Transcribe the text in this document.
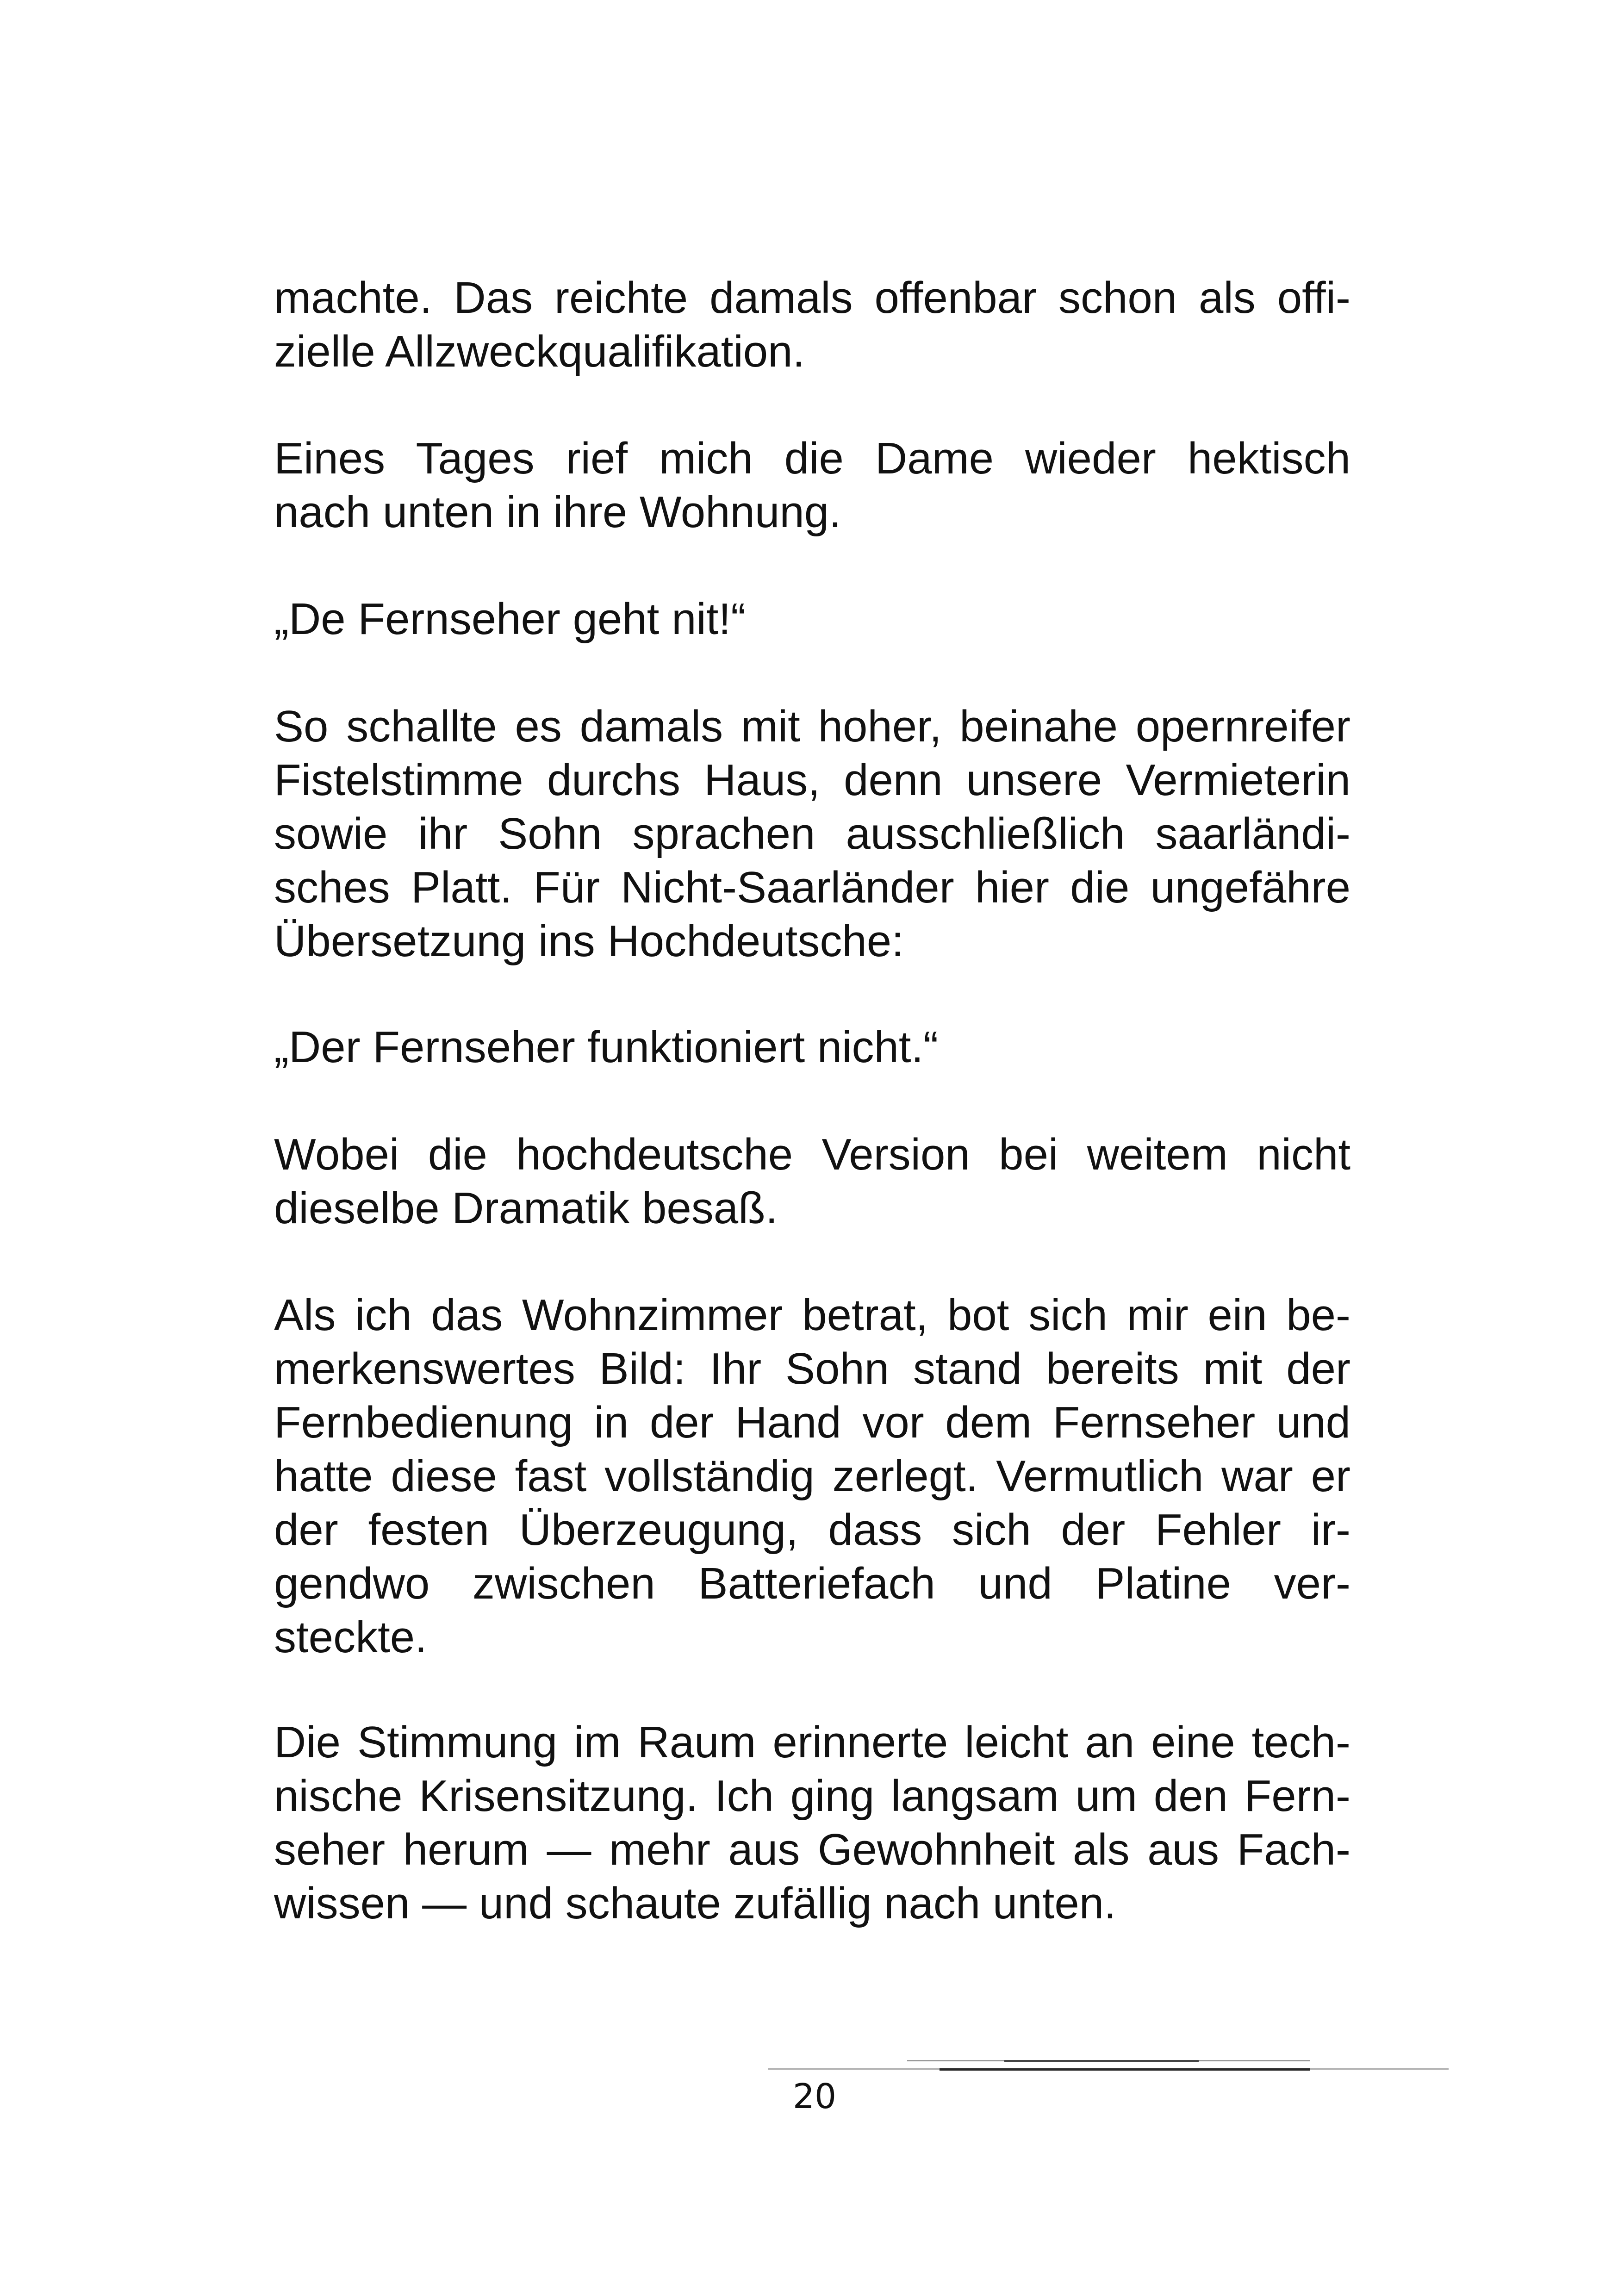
machte. Das reichte damals offenbar schon als offi-
zielle Allzweckqualifikation.
Eines Tages rief mich die Dame wieder hektisch
nach unten in ihre Wohnung.
„De Fernseher geht nit!“
So schallte es damals mit hoher, beinahe opernreifer
Fistelstimme durchs Haus, denn unsere Vermieterin
sowie ihr Sohn sprachen ausschließlich saarländi-
sches Platt. Für Nicht-Saarländer hier die ungefähre
Übersetzung ins Hochdeutsche:
„Der Fernseher funktioniert nicht.“
Wobei die hochdeutsche Version bei weitem nicht
dieselbe Dramatik besaß.
Als ich das Wohnzimmer betrat, bot sich mir ein be-
merkenswertes Bild: Ihr Sohn stand bereits mit der
Fernbedienung in der Hand vor dem Fernseher und
hatte diese fast vollständig zerlegt. Vermutlich war er
der festen Überzeugung, dass sich der Fehler ir-
gendwo zwischen Batteriefach und Platine ver-
steckte.
Die Stimmung im Raum erinnerte leicht an eine tech-
nische Krisensitzung. Ich ging langsam um den Fern-
seher herum — mehr aus Gewohnheit als aus Fach-
wissen — und schaute zufällig nach unten.
20
